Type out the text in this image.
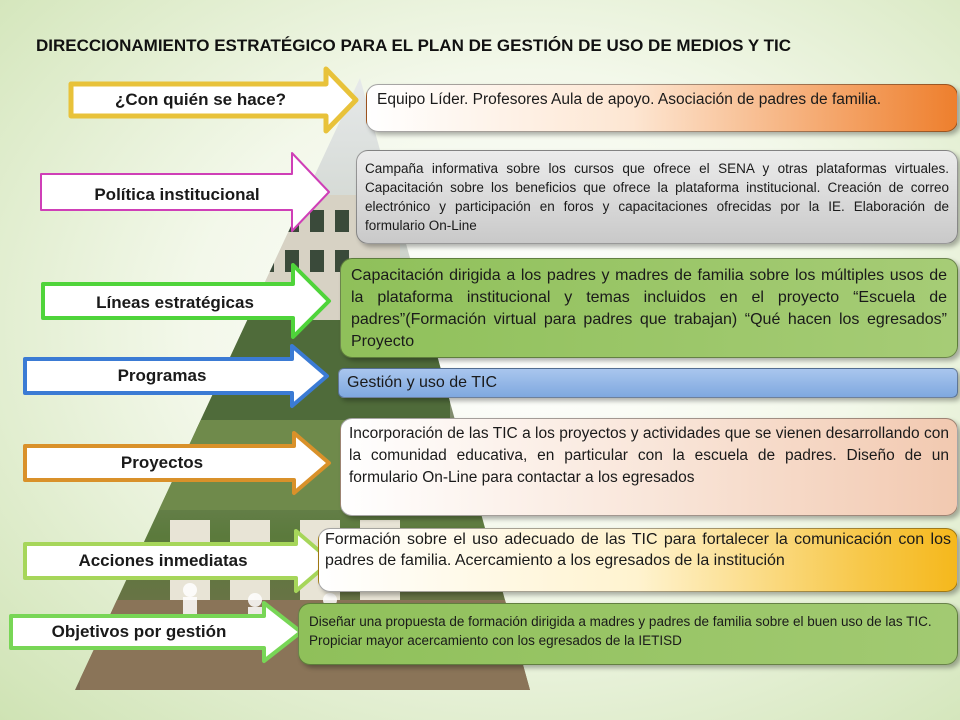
DIRECCIONAMIENTO ESTRATÉGICO PARA EL PLAN DE GESTIÓN DE USO DE MEDIOS Y TIC
¿Con quién se hace?	Equipo Líder. Profesores Aula de apoyo. Asociación de padres de familia.
Política institucional
Campaña informativa sobre los cursos que ofrece el SENA y otras plataformas virtuales. Capacitación sobre los beneficios que ofrece la plataforma institucional. Creación de correo electrónico y participación en foros y capacitaciones ofrecidas por la IE. Elaboración de formulario On-Line
Líneas estratégicas
Capacitación dirigida a los padres y madres de familia sobre los múltiples usos de la plataforma institucional y temas incluidos en el proyecto “Escuela de padres”(Formación virtual para padres que trabajan) “Qué hacen los egresados” Proyecto
Programas	Gestión y uso de TIC
Proyectos
Incorporación de las TIC a los proyectos y actividades que se vienen desarrollando con la comunidad educativa, en particular con la escuela de padres. Diseño de un formulario On-Line para contactar a los egresados
Acciones inmediatas
Formación sobre el uso adecuado de las TIC para fortalecer la comunicación con los padres de familia. Acercamiento a los egresados de la institución
Objetivos por gestión
Diseñar una propuesta de formación dirigida a madres y padres de familia sobre el buen uso de las TIC. Propiciar mayor acercamiento con los egresados de la IETISD
